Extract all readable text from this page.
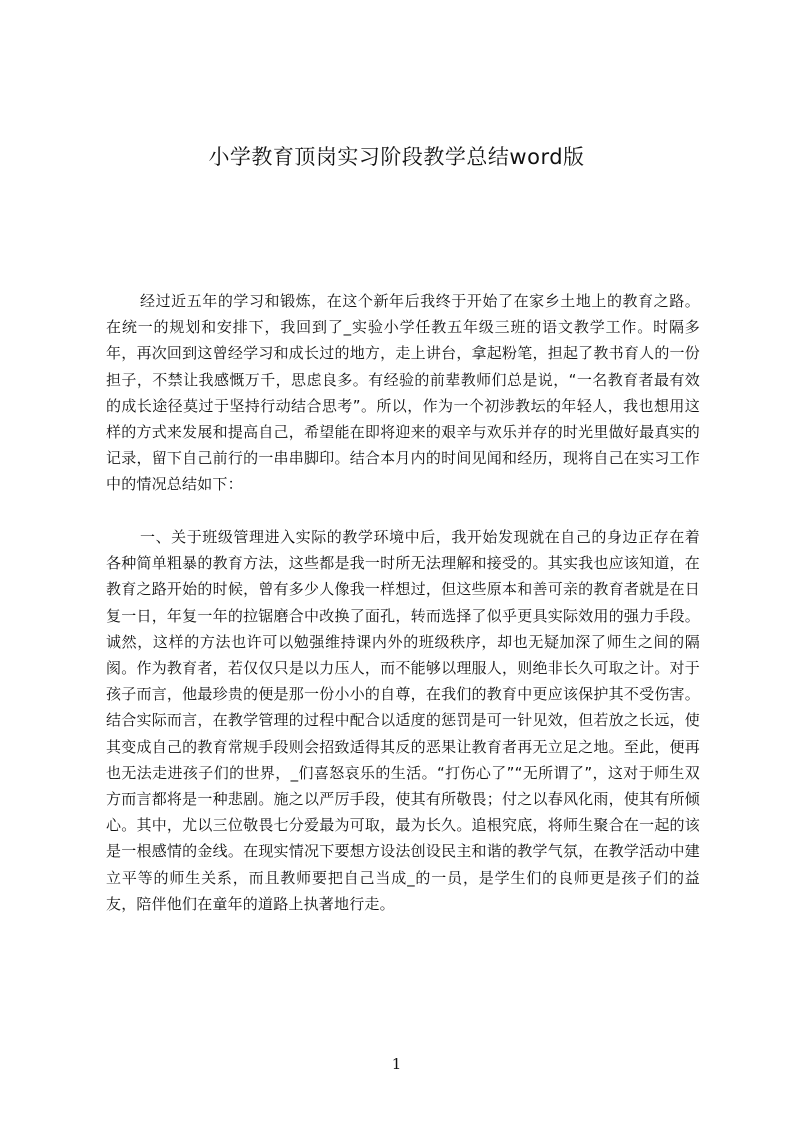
小学教育顶岗实习阶段教学总结word版

经过近五年的学习和锻炼，在这个新年后我终于开始了在家乡土地上的教育之路。在统一的规划和安排下，我回到了_实验小学任教五年级三班的语文教学工作。时隔多年，再次回到这曾经学习和成长过的地方，走上讲台，拿起粉笔，担起了教书育人的一份担子，不禁让我感慨万千，思虑良多。有经验的前辈教师们总是说，“一名教育者最有效的成长途径莫过于坚持行动结合思考”。所以，作为一个初涉教坛的年轻人，我也想用这样的方式来发展和提高自己，希望能在即将迎来的艰辛与欢乐并存的时光里做好最真实的记录，留下自己前行的一串串脚印。结合本月内的时间见闻和经历，现将自己在实习工作中的情况总结如下：

一、关于班级管理进入实际的教学环境中后，我开始发现就在自己的身边正存在着各种简单粗暴的教育方法，这些都是我一时所无法理解和接受的。其实我也应该知道，在教育之路开始的时候，曾有多少人像我一样想过，但这些原本和善可亲的教育者就是在日复一日，年复一年的拉锯磨合中改换了面孔，转而选择了似乎更具实际效用的强力手段。诚然，这样的方法也许可以勉强维持课内外的班级秩序，却也无疑加深了师生之间的隔阂。作为教育者，若仅仅只是以力压人，而不能够以理服人，则绝非长久可取之计。对于孩子而言，他最珍贵的便是那一份小小的自尊，在我们的教育中更应该保护其不受伤害。结合实际而言，在教学管理的过程中配合以适度的惩罚是可一针见效，但若放之长远，使其变成自己的教育常规手段则会招致适得其反的恶果让教育者再无立足之地。至此，便再也无法走进孩子们的世界，_们喜怒哀乐的生活。“打伤心了”“无所谓了”，这对于师生双方而言都将是一种悲剧。施之以严厉手段，使其有所敬畏；付之以春风化雨，使其有所倾心。其中，尤以三位敬畏七分爱最为可取，最为长久。追根究底，将师生聚合在一起的该是一根感情的金线。在现实情况下要想方设法创设民主和谐的教学气氛，在教学活动中建立平等的师生关系，而且教师要把自己当成_的一员，是学生们的良师更是孩子们的益友，陪伴他们在童年的道路上执著地行走。

1
